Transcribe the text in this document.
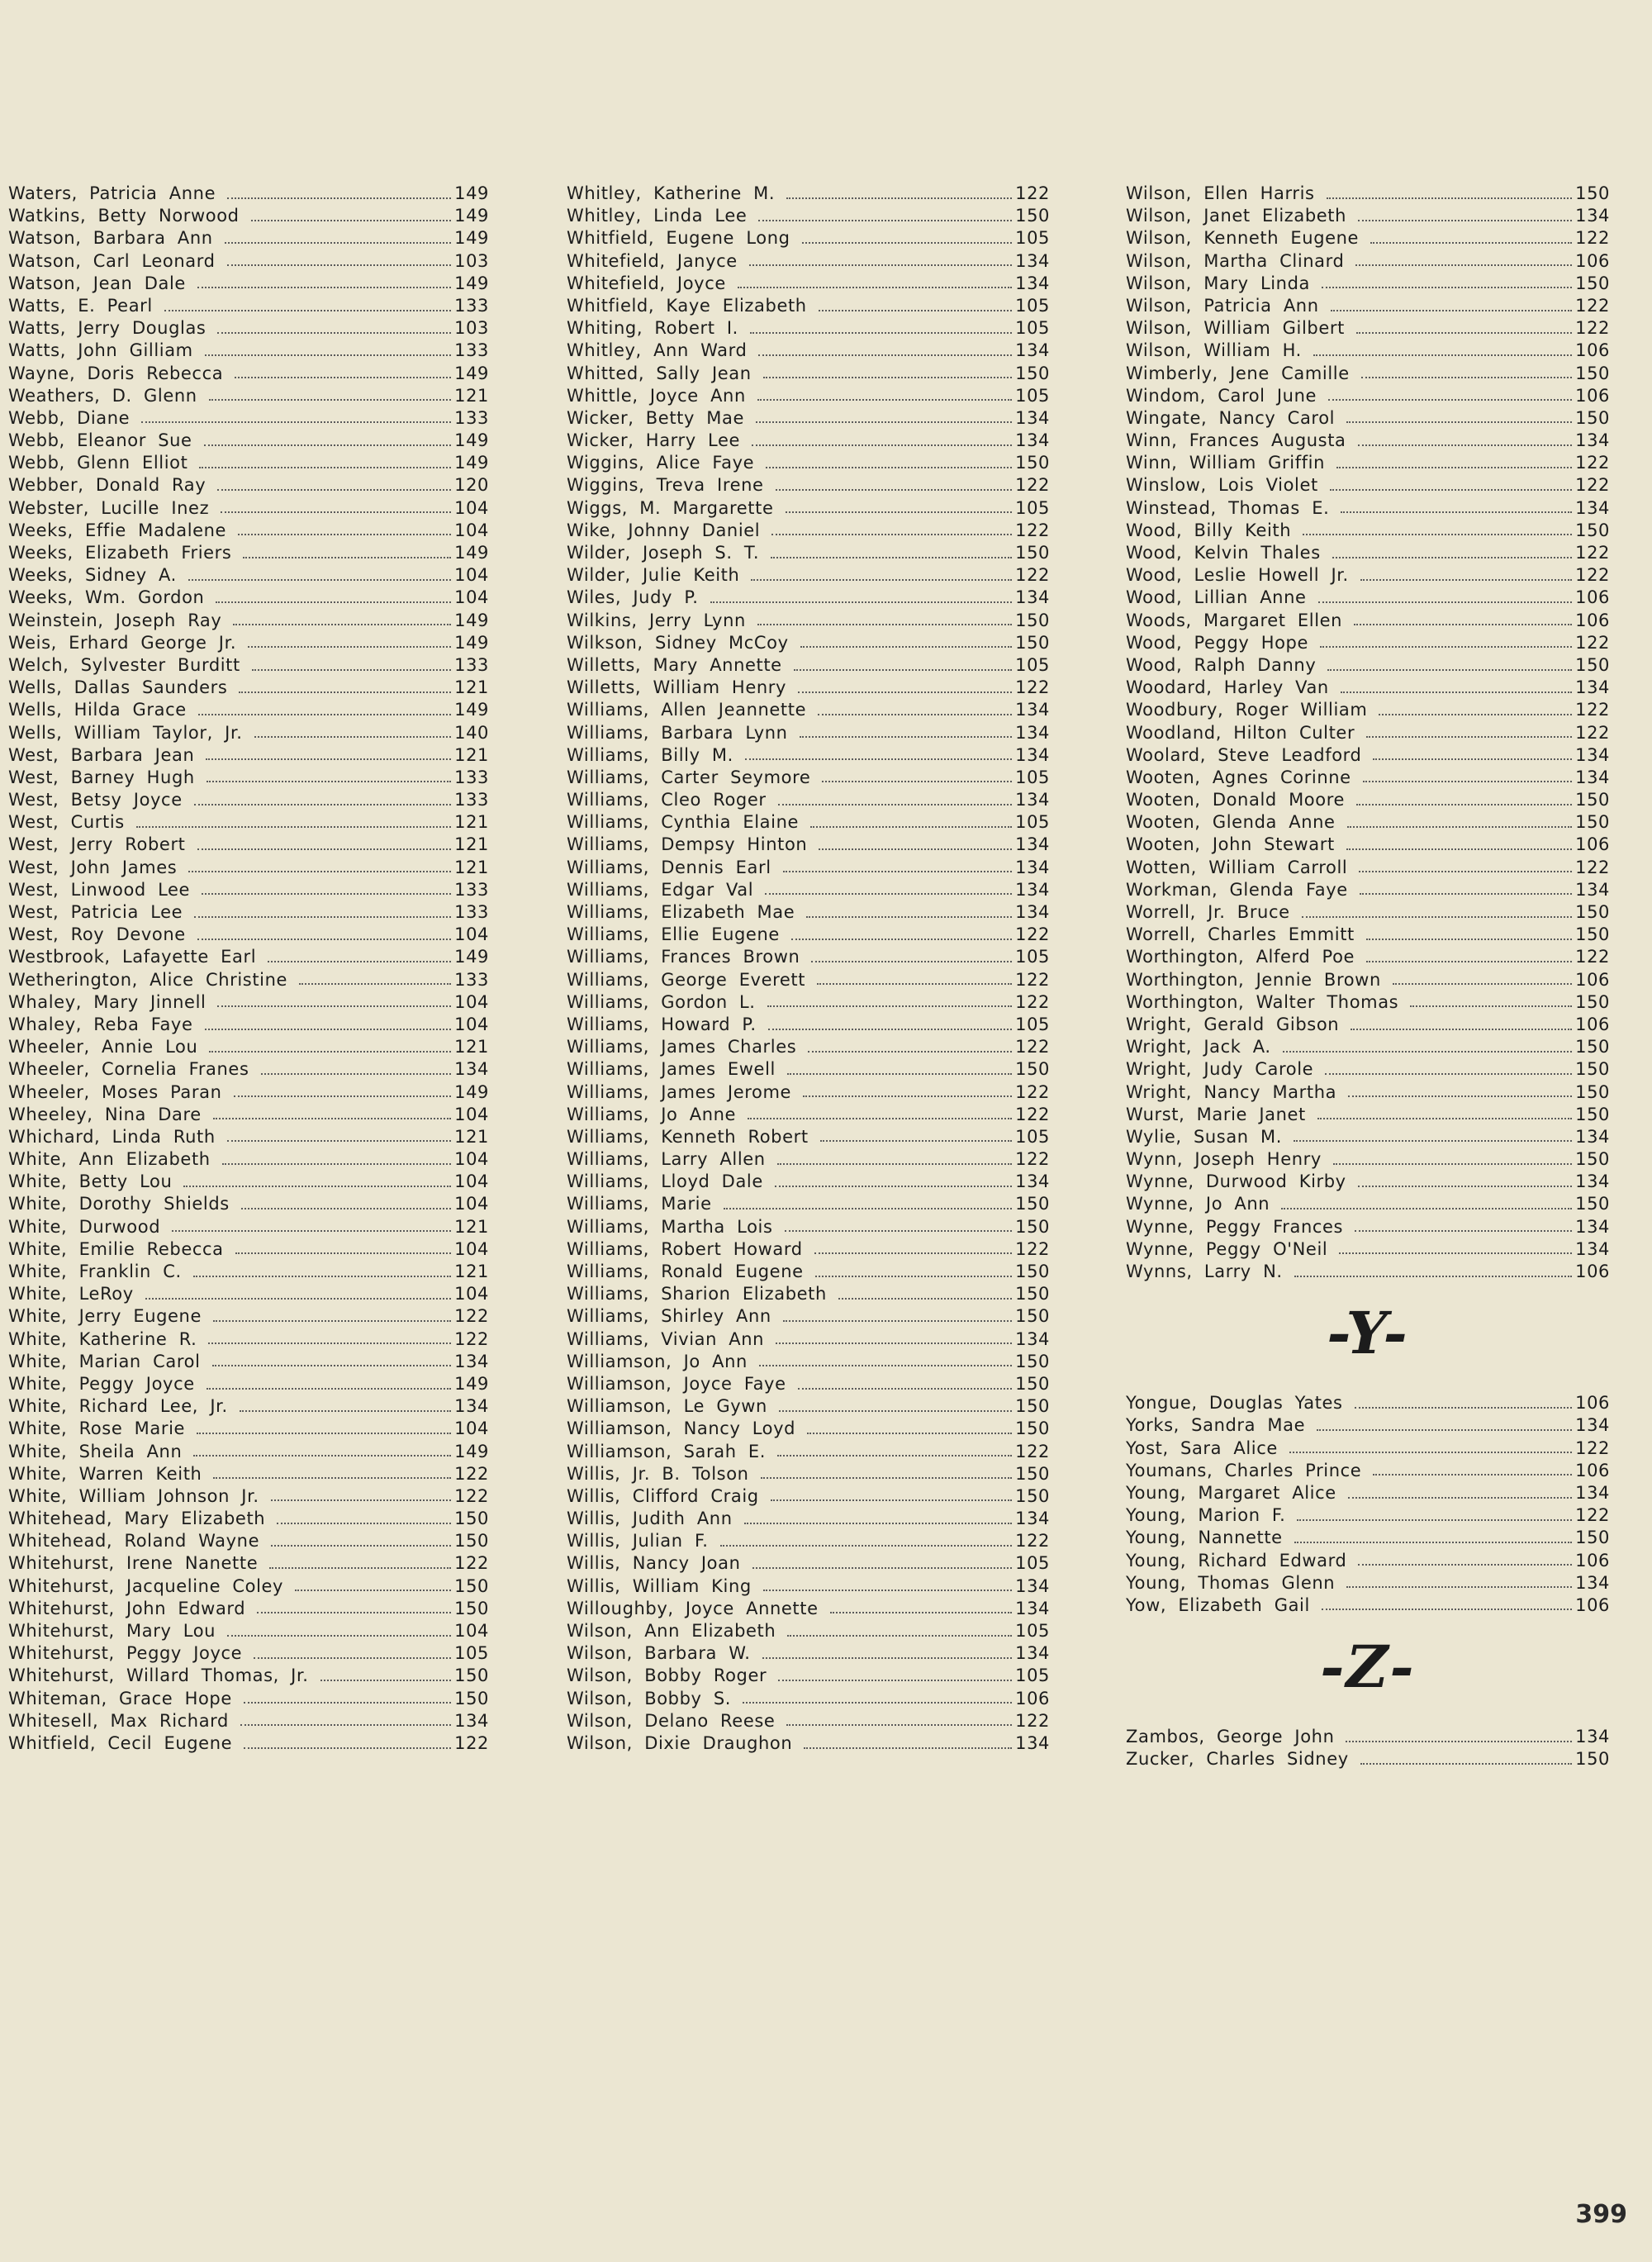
Waters, Patricia Anne	149
Watkins, Betty Norwood	149
Watson, Barbara Ann	149
Watson, Carl Leonard	103
Watson, Jean Dale	149
Watts, E. Pearl	133
Watts, Jerry Douglas	103
Watts, John Gilliam	133
Wayne, Doris Rebecca	149
Weathers, D. Glenn	121
Webb, Diane	133
Webb, Eleanor Sue	149
Webb, Glenn Elliot	149
Webber, Donald Ray	120
Webster, Lucille Inez	104
Weeks, Effie Madalene	104
Weeks, Elizabeth Friers	149
Weeks, Sidney A.	104
Weeks, Wm. Gordon	104
Weinstein, Joseph Ray	149
Weis, Erhard George Jr.	149
Welch, Sylvester Burditt	133
Wells, Dallas Saunders	121
Wells, Hilda Grace	149
Wells, William Taylor, Jr.	140
West, Barbara Jean	121
West, Barney Hugh	133
West, Betsy Joyce	133
West, Curtis	121
West, Jerry Robert	121
West, John James	121
West, Linwood Lee	133
West, Patricia Lee	133
West, Roy Devone	104
Westbrook, Lafayette Earl	149
Wetherington, Alice Christine	133
Whaley, Mary Jinnell	104
Whaley, Reba Faye	104
Wheeler, Annie Lou	121
Wheeler, Cornelia Franes	134
Wheeler, Moses Paran	149
Wheeley, Nina Dare	104
Whichard, Linda Ruth	121
White, Ann Elizabeth	104
White, Betty Lou	104
White, Dorothy Shields	104
White, Durwood	121
White, Emilie Rebecca	104
White, Franklin C.	121
White, LeRoy	104
White, Jerry Eugene	122
White, Katherine R.	122
White, Marian Carol	134
White, Peggy Joyce	149
White, Richard Lee, Jr.	134
White, Rose Marie	104
White, Sheila Ann	149
White, Warren Keith	122
White, William Johnson Jr.	122
Whitehead, Mary Elizabeth	150
Whitehead, Roland Wayne	150
Whitehurst, Irene Nanette	122
Whitehurst, Jacqueline Coley	150
Whitehurst, John Edward	150
Whitehurst, Mary Lou	104
Whitehurst, Peggy Joyce	105
Whitehurst, Willard Thomas, Jr.	150
Whiteman, Grace Hope	150
Whitesell, Max Richard	134
Whitfield, Cecil Eugene	122
Whitley, Katherine M.	122
Whitley, Linda Lee	150
Whitfield, Eugene Long	105
Whitefield, Janyce	134
Whitefield, Joyce	134
Whitfield, Kaye Elizabeth	105
Whiting, Robert I.	105
Whitley, Ann Ward	134
Whitted, Sally Jean	150
Whittle, Joyce Ann	105
Wicker, Betty Mae	134
Wicker, Harry Lee	134
Wiggins, Alice Faye	150
Wiggins, Treva Irene	122
Wiggs, M. Margarette	105
Wike, Johnny Daniel	122
Wilder, Joseph S. T.	150
Wilder, Julie Keith	122
Wiles, Judy P.	134
Wilkins, Jerry Lynn	150
Wilkson, Sidney McCoy	150
Willetts, Mary Annette	105
Willetts, William Henry	122
Williams, Allen Jeannette	134
Williams, Barbara Lynn	134
Williams, Billy M.	134
Williams, Carter Seymore	105
Williams, Cleo Roger	134
Williams, Cynthia Elaine	105
Williams, Dempsy Hinton	134
Williams, Dennis Earl	134
Williams, Edgar Val	134
Williams, Elizabeth Mae	134
Williams, Ellie Eugene	122
Williams, Frances Brown	105
Williams, George Everett	122
Williams, Gordon L.	122
Williams, Howard P.	105
Williams, James Charles	122
Williams, James Ewell	150
Williams, James Jerome	122
Williams, Jo Anne	122
Williams, Kenneth Robert	105
Williams, Larry Allen	122
Williams, Lloyd Dale	134
Williams, Marie	150
Williams, Martha Lois	150
Williams, Robert Howard	122
Williams, Ronald Eugene	150
Williams, Sharion Elizabeth	150
Williams, Shirley Ann	150
Williams, Vivian Ann	134
Williamson, Jo Ann	150
Williamson, Joyce Faye	150
Williamson, Le Gywn	150
Williamson, Nancy Loyd	150
Williamson, Sarah E.	122
Willis, Jr. B. Tolson	150
Willis, Clifford Craig	150
Willis, Judith Ann	134
Willis, Julian F.	122
Willis, Nancy Joan	105
Willis, William King	134
Willoughby, Joyce Annette	134
Wilson, Ann Elizabeth	105
Wilson, Barbara W.	134
Wilson, Bobby Roger	105
Wilson, Bobby S.	106
Wilson, Delano Reese	122
Wilson, Dixie Draughon	134
Wilson, Ellen Harris	150
Wilson, Janet Elizabeth	134
Wilson, Kenneth Eugene	122
Wilson, Martha Clinard	106
Wilson, Mary Linda	150
Wilson, Patricia Ann	122
Wilson, William Gilbert	122
Wilson, William H.	106
Wimberly, Jene Camille	150
Windom, Carol June	106
Wingate, Nancy Carol	150
Winn, Frances Augusta	134
Winn, William Griffin	122
Winslow, Lois Violet	122
Winstead, Thomas E.	134
Wood, Billy Keith	150
Wood, Kelvin Thales	122
Wood, Leslie Howell Jr.	122
Wood, Lillian Anne	106
Woods, Margaret Ellen	106
Wood, Peggy Hope	122
Wood, Ralph Danny	150
Woodard, Harley Van	134
Woodbury, Roger William	122
Woodland, Hilton Culter	122
Woolard, Steve Leadford	134
Wooten, Agnes Corinne	134
Wooten, Donald Moore	150
Wooten, Glenda Anne	150
Wooten, John Stewart	106
Wotten, William Carroll	122
Workman, Glenda Faye	134
Worrell, Jr. Bruce	150
Worrell, Charles Emmitt	150
Worthington, Alferd Poe	122
Worthington, Jennie Brown	106
Worthington, Walter Thomas	150
Wright, Gerald Gibson	106
Wright, Jack A.	150
Wright, Judy Carole	150
Wright, Nancy Martha	150
Wurst, Marie Janet	150
Wylie, Susan M.	134
Wynn, Joseph Henry	150
Wynne, Durwood Kirby	134
Wynne, Jo Ann	150
Wynne, Peggy Frances	134
Wynne, Peggy O'Neil	134
Wynns, Larry N.	106
-Y-
Yongue, Douglas Yates	106
Yorks, Sandra Mae	134
Yost, Sara Alice	122
Youmans, Charles Prince	106
Young, Margaret Alice	134
Young, Marion F.	122
Young, Nannette	150
Young, Richard Edward	106
Young, Thomas Glenn	134
Yow, Elizabeth Gail	106
-Z-
Zambos, George John	134
Zucker, Charles Sidney	150
399
